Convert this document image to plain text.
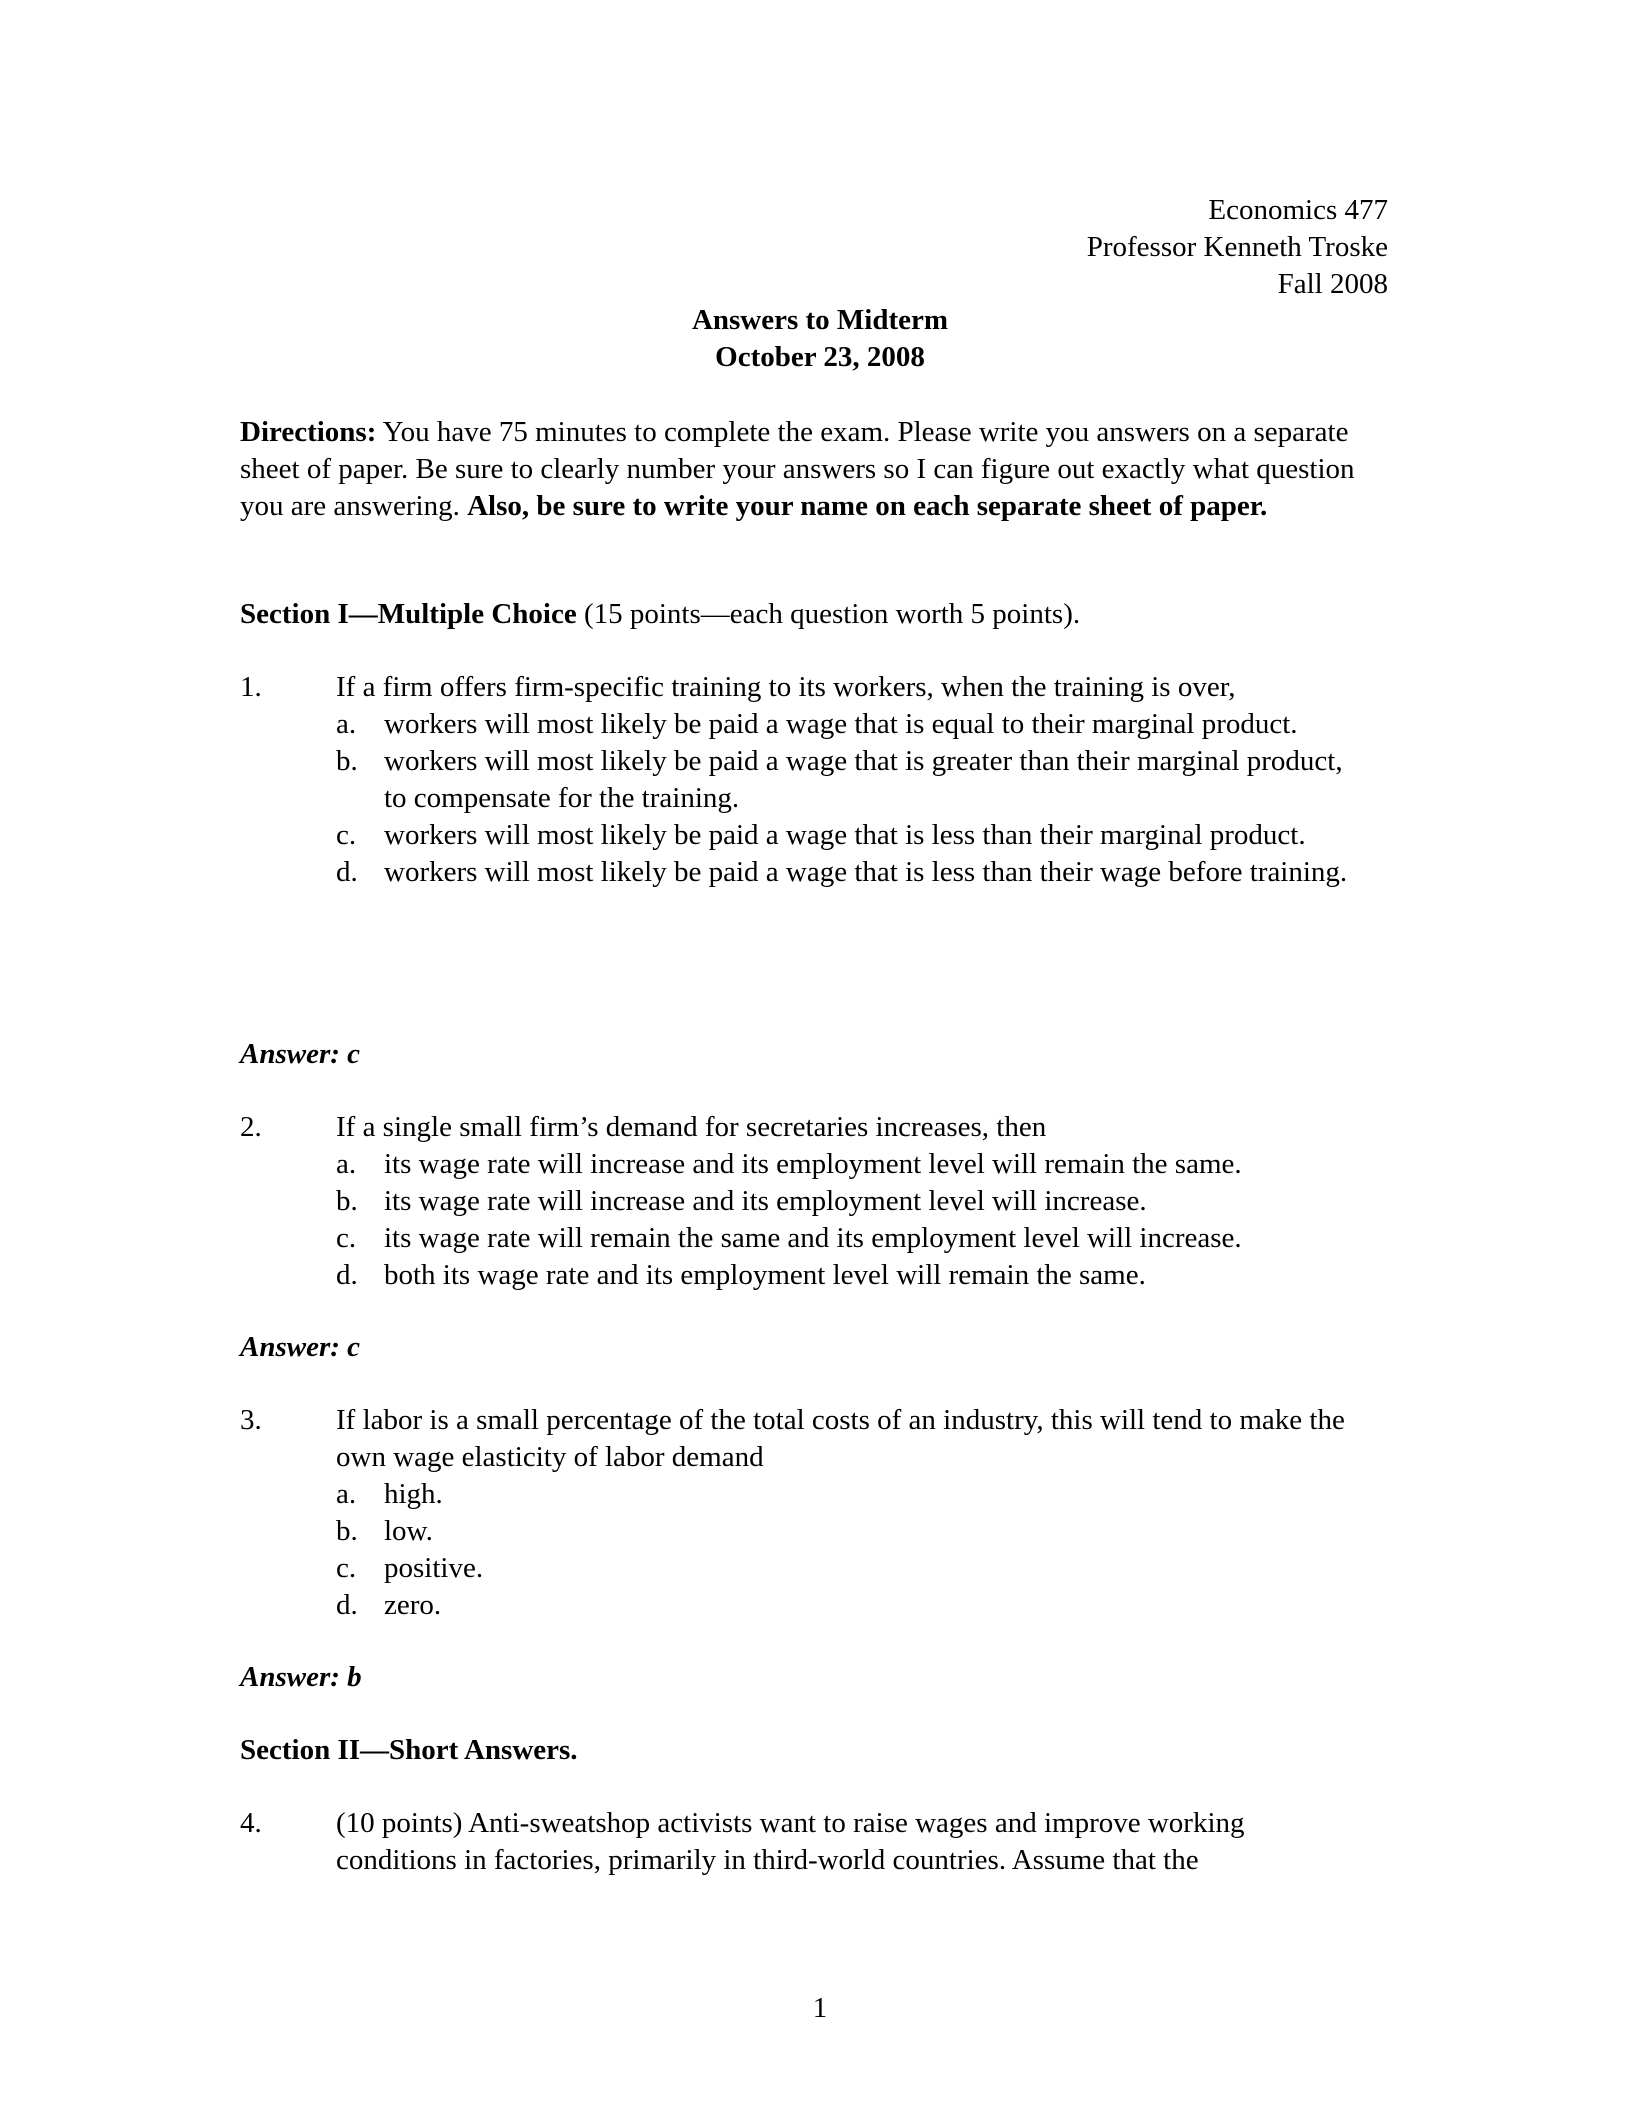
Economics 477
Professor Kenneth Troske
Fall 2008
Answers to Midterm
October 23, 2008
Directions: You have 75 minutes to complete the exam. Please write you answers on a separate sheet of paper. Be sure to clearly number your answers so I can figure out exactly what question you are answering. Also, be sure to write your name on each separate sheet of paper.
Section I—Multiple Choice (15 points—each question worth 5 points).
1.	If a firm offers firm-specific training to its workers, when the training is over,
a. workers will most likely be paid a wage that is equal to their marginal product.
b. workers will most likely be paid a wage that is greater than their marginal product, to compensate for the training.
c. workers will most likely be paid a wage that is less than their marginal product.
d. workers will most likely be paid a wage that is less than their wage before training.
Answer: c
2.	If a single small firm’s demand for secretaries increases, then
a. its wage rate will increase and its employment level will remain the same.
b. its wage rate will increase and its employment level will increase.
c. its wage rate will remain the same and its employment level will increase.
d. both its wage rate and its employment level will remain the same.
Answer: c
3.	If labor is a small percentage of the total costs of an industry, this will tend to make the own wage elasticity of labor demand
a. high.
b. low.
c. positive.
d. zero.
Answer: b
Section II—Short Answers.
4.	(10 points) Anti-sweatshop activists want to raise wages and improve working conditions in factories, primarily in third-world countries. Assume that the
1
